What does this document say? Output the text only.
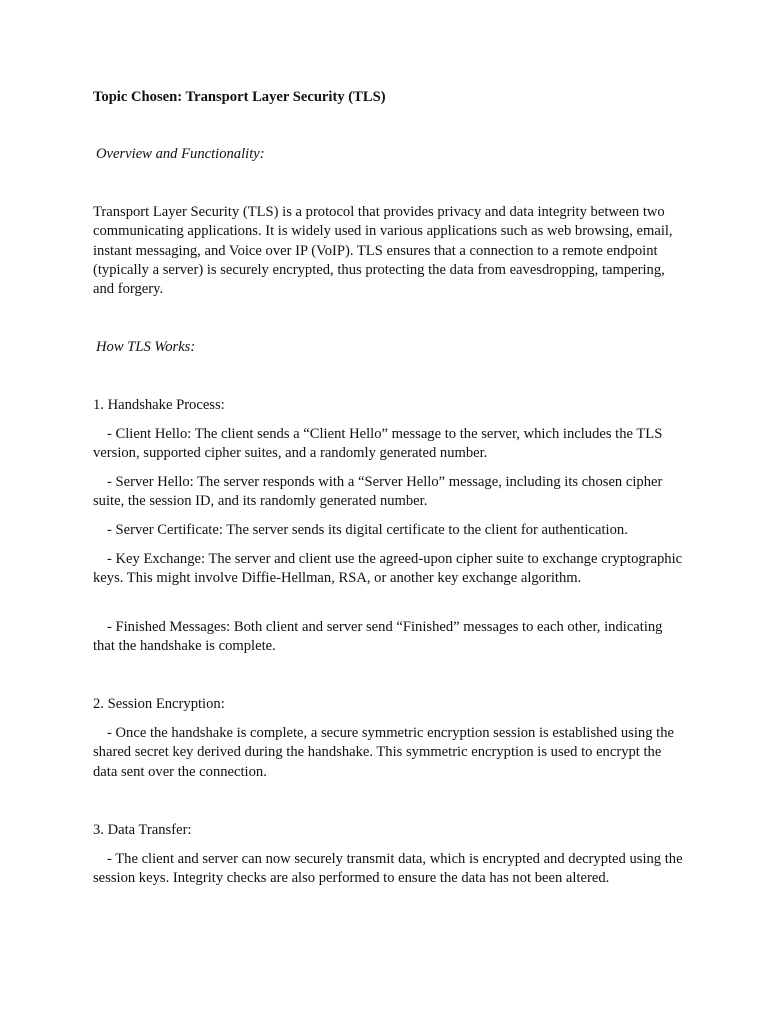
Topic Chosen: Transport Layer Security (TLS)
Overview and Functionality:
Transport Layer Security (TLS) is a protocol that provides privacy and data integrity between two communicating applications. It is widely used in various applications such as web browsing, email, instant messaging, and Voice over IP (VoIP). TLS ensures that a connection to a remote endpoint (typically a server) is securely encrypted, thus protecting the data from eavesdropping, tampering, and forgery.
How TLS Works:
1. Handshake Process:
- Client Hello: The client sends a “Client Hello” message to the server, which includes the TLS version, supported cipher suites, and a randomly generated number.
- Server Hello: The server responds with a “Server Hello” message, including its chosen cipher suite, the session ID, and its randomly generated number.
- Server Certificate: The server sends its digital certificate to the client for authentication.
- Key Exchange: The server and client use the agreed-upon cipher suite to exchange cryptographic keys. This might involve Diffie-Hellman, RSA, or another key exchange algorithm.
- Finished Messages: Both client and server send “Finished” messages to each other, indicating that the handshake is complete.
2. Session Encryption:
- Once the handshake is complete, a secure symmetric encryption session is established using the shared secret key derived during the handshake. This symmetric encryption is used to encrypt the data sent over the connection.
3. Data Transfer:
- The client and server can now securely transmit data, which is encrypted and decrypted using the session keys. Integrity checks are also performed to ensure the data has not been altered.
